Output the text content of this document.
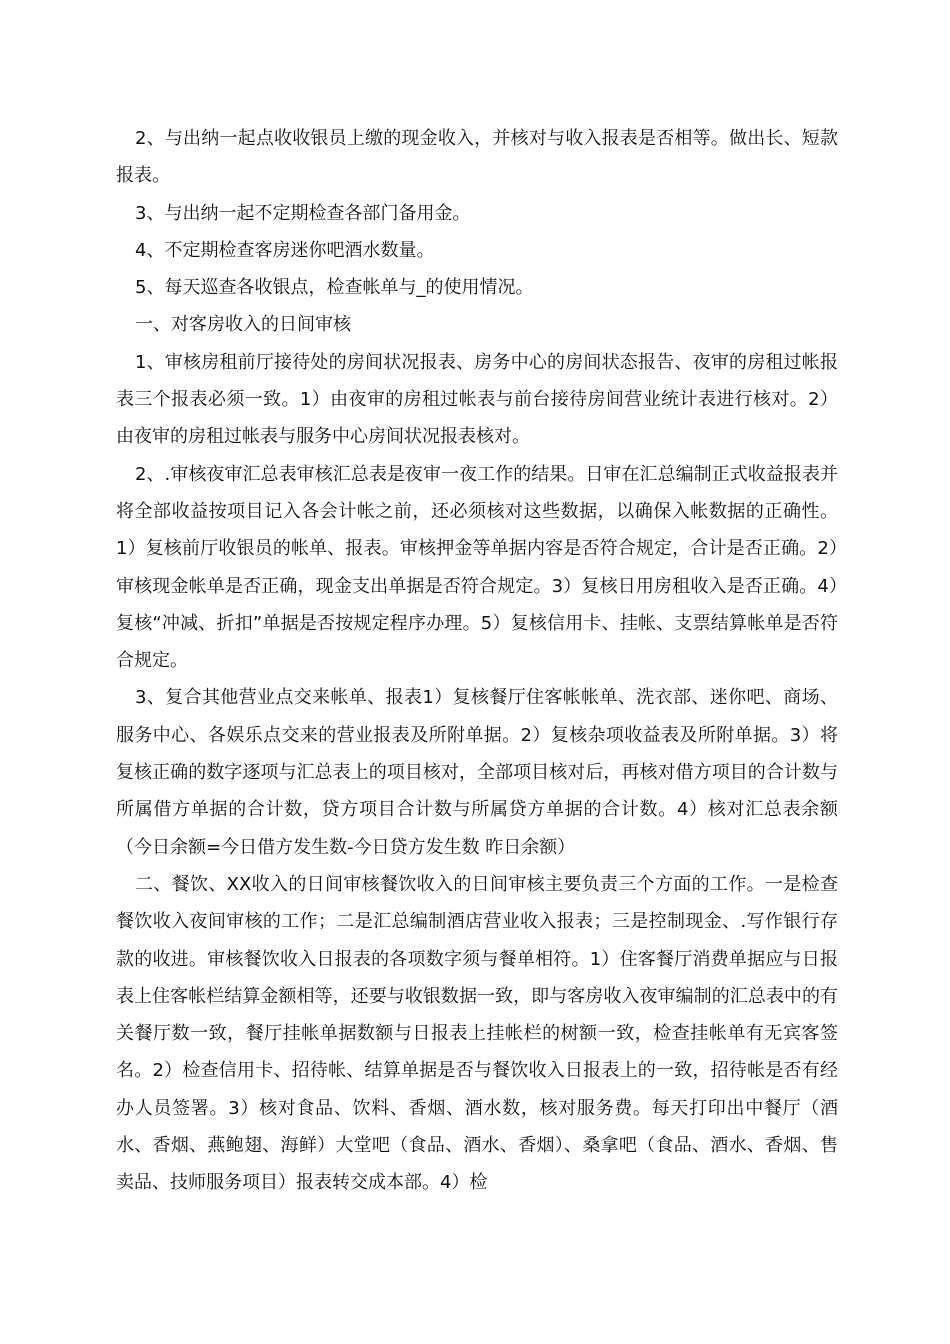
2、与出纳一起点收收银员上缴的现金收入，并核对与收入报表是否相等。做出长、短款报表。

3、与出纳一起不定期检查各部门备用金。

4、不定期检查客房迷你吧酒水数量。

5、每天巡查各收银点，检查帐单与_的使用情况。

一、对客房收入的日间审核

1、审核房租前厅接待处的房间状况报表、房务中心的房间状态报告、夜审的房租过帐报表三个报表必须一致。1）由夜审的房租过帐表与前台接待房间营业统计表进行核对。2）由夜审的房租过帐表与服务中心房间状况报表核对。

2、.审核夜审汇总表审核汇总表是夜审一夜工作的结果。日审在汇总编制正式收益报表并将全部收益按项目记入各会计帐之前，还必须核对这些数据，以确保入帐数据的正确性。1）复核前厅收银员的帐单、报表。审核押金等单据内容是否符合规定，合计是否正确。2）审核现金帐单是否正确，现金支出单据是否符合规定。3）复核日用房租收入是否正确。4）复核“冲减、折扣”单据是否按规定程序办理。5）复核信用卡、挂帐、支票结算帐单是否符合规定。

3、复合其他营业点交来帐单、报表1）复核餐厅住客帐帐单、洗衣部、迷你吧、商场、服务中心、各娱乐点交来的营业报表及所附单据。2）复核杂项收益表及所附单据。3）将复核正确的数字逐项与汇总表上的项目核对，全部项目核对后，再核对借方项目的合计数与所属借方单据的合计数，贷方项目合计数与所属贷方单据的合计数。4）核对汇总表余额（今日余额=今日借方发生数-今日贷方发生数 昨日余额）

二、餐饮、XX收入的日间审核餐饮收入的日间审核主要负责三个方面的工作。一是检查餐饮收入夜间审核的工作；二是汇总编制酒店营业收入报表；三是控制现金、.写作银行存款的收进。审核餐饮收入日报表的各项数字须与餐单相符。1）住客餐厅消费单据应与日报表上住客帐栏结算金额相等，还要与收银数据一致，即与客房收入夜审编制的汇总表中的有关餐厅数一致，餐厅挂帐单据数额与日报表上挂帐栏的树额一致，检查挂帐单有无宾客签名。2）检查信用卡、招待帐、结算单据是否与餐饮收入日报表上的一致，招待帐是否有经办人员签署。3）核对食品、饮料、香烟、酒水数，核对服务费。每天打印出中餐厅（酒水、香烟、燕鲍翅、海鲜）大堂吧（食品、酒水、香烟）、桑拿吧（食品、酒水、香烟、售卖品、技师服务项目）报表转交成本部。4）检
